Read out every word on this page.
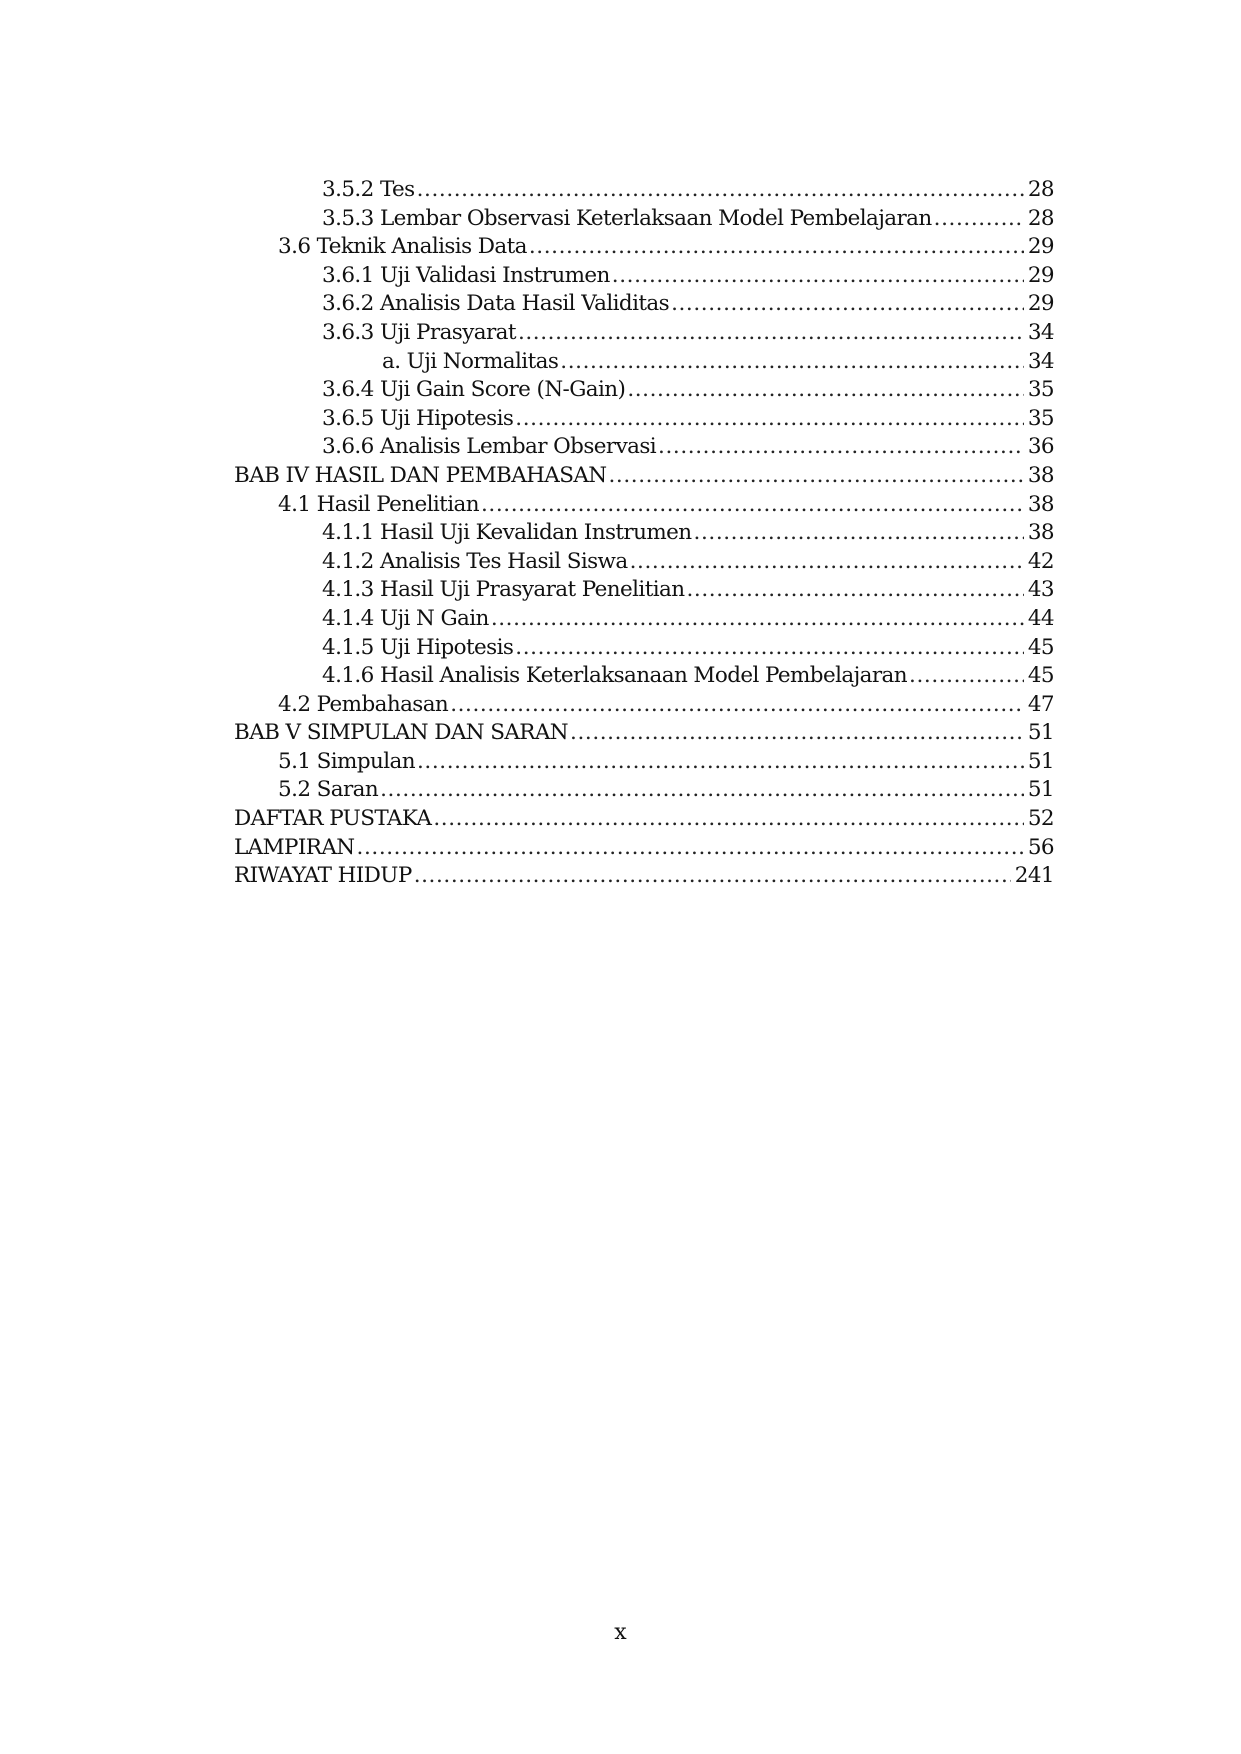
3.5.2 Tes .....	28
3.5.3 Lembar Observasi Keterlaksaan Model Pembelajaran .....	28
3.6 Teknik Analisis Data .....	29
3.6.1 Uji Validasi Instrumen .....	29
3.6.2 Analisis Data Hasil Validitas .....	29
3.6.3 Uji Prasyarat .....	34
a. Uji Normalitas .....	34
3.6.4 Uji Gain Score (N-Gain) .....	35
3.6.5 Uji Hipotesis .....	35
3.6.6 Analisis Lembar Observasi .....	36
BAB IV HASIL DAN PEMBAHASAN .....	38
4.1 Hasil Penelitian .....	38
4.1.1 Hasil Uji Kevalidan Instrumen .....	38
4.1.2 Analisis Tes Hasil Siswa .....	42
4.1.3 Hasil Uji Prasyarat Penelitian .....	43
4.1.4 Uji N Gain .....	44
4.1.5 Uji Hipotesis .....	45
4.1.6 Hasil Analisis Keterlaksanaan Model Pembelajaran .....	45
4.2 Pembahasan .....	47
BAB V SIMPULAN DAN SARAN .....	51
5.1 Simpulan .....	51
5.2 Saran .....	51
DAFTAR PUSTAKA .....	52
LAMPIRAN .....	56
RIWAYAT HIDUP .....	241
x
